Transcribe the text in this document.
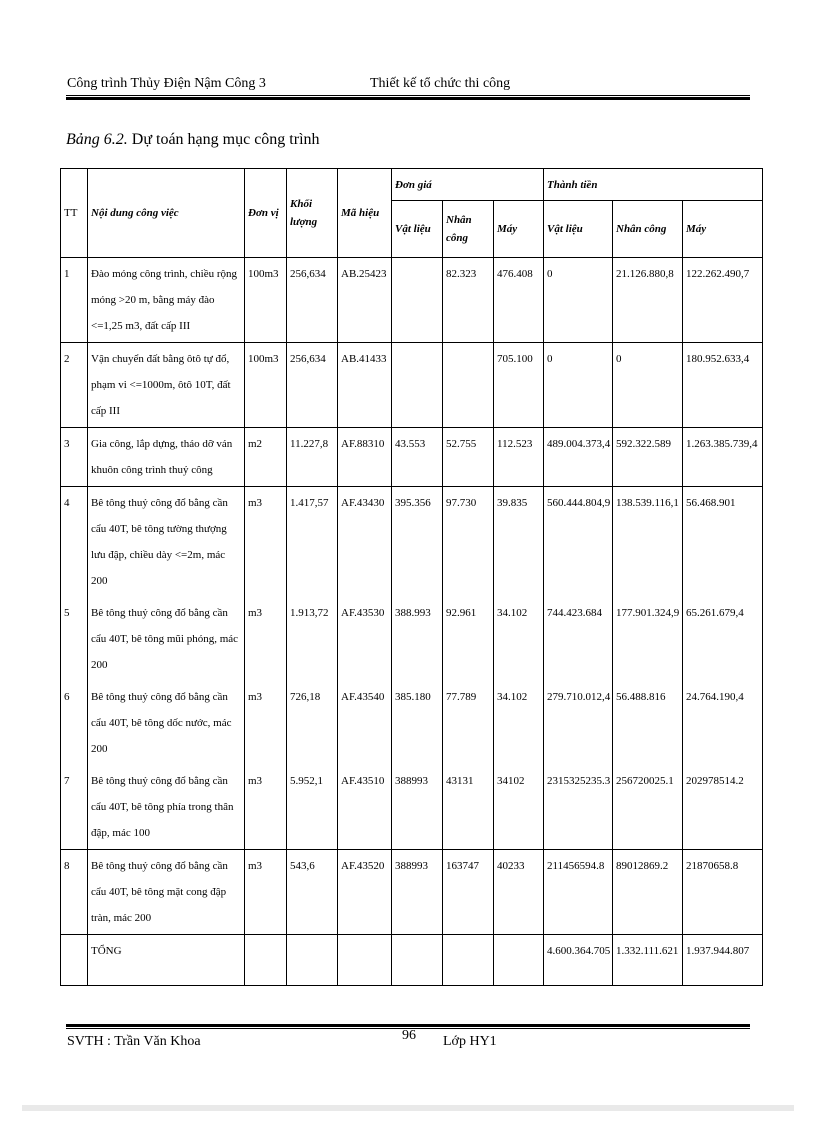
Công trình Thủy Điện Nậm Công 3	Thiết kế tổ chức thi công
Bảng 6.2. Dự toán hạng mục công trình
TT	Nội dung công việc	Đơn vị	Khối lượng	Mã hiệu	Đơn giá			Thành tiền		
					Vật liệu	Nhân công	Máy	Vật liệu	Nhân công	Máy
1	Đào móng công trình, chiều rộng móng >20 m, bằng máy đào <=1,25 m3, đất cấp III	100m3	256,634	AB.25423		82.323	476.408	0	21.126.880,8	122.262.490,7
2	Vận chuyển đất bằng ôtô tự đổ, phạm vi <=1000m, ôtô 10T, đất cấp III	100m3	256,634	AB.41433			705.100	0	0	180.952.633,4
3	Gia công, lắp dựng, tháo dỡ ván khuôn công trình thuỷ công	m2	11.227,8	AF.88310	43.553	52.755	112.523	489.004.373,4	592.322.589	1.263.385.739,4
4	Bê tông thuỷ công đổ bằng cần cẩu 40T, bê tông tường thượng lưu đập, chiều dày <=2m, mác 200	m3	1.417,57	AF.43430	395.356	97.730	39.835	560.444.804,9	138.539.116,1	56.468.901
5	Bê tông thuỷ công đổ bằng cần cẩu 40T, bê tông mũi phóng, mác 200	m3	1.913,72	AF.43530	388.993	92.961	34.102	744.423.684	177.901.324,9	65.261.679,4
6	Bê tông thuỷ công đổ bằng cần cẩu 40T, bê tông dốc nước, mác 200	m3	726,18	AF.43540	385.180	77.789	34.102	279.710.012,4	56.488.816	24.764.190,4
7	Bê tông thuỷ công đổ bằng cần cẩu 40T, bê tông phía trong thân đập, mác 100	m3	5.952,1	AF.43510	388993	43131	34102	2315325235.3	256720025.1	202978514.2
8	Bê tông thuỷ công đổ bằng cần cẩu 40T, bê tông mặt cong đập tràn, mác 200	m3	543,6	AF.43520	388993	163747	40233	211456594.8	89012869.2	21870658.8
	TỔNG							4.600.364.705	1.332.111.621	1.937.944.807
SVTH : Trần Văn Khoa	96 Lớp HY1
